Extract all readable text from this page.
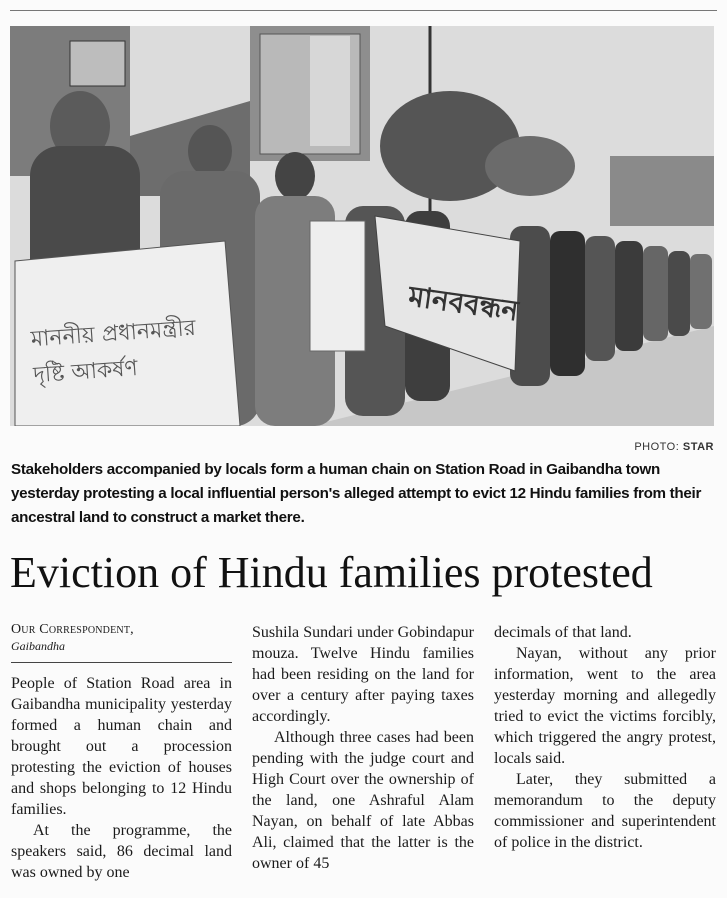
মানববন্ধন
মাননীয় প্রধানমন্ত্রীর দৃষ্টি আকর্ষণ
PHOTO: STAR
Stakeholders accompanied by locals form a human chain on Station Road in Gaibandha town yesterday protesting a local influential person's alleged attempt to evict 12 Hindu families from their ancestral land to construct a market there.
Eviction of Hindu families protested

Our Correspondent,

Gaibandha

People of Station Road area in Gaibandha municipality yesterday formed a human chain and brought out a procession protesting the eviction of houses and shops belonging to 12 Hindu families.

At the programme, the speakers said, 86 decimal land was owned by one

Sushila Sundari under Gobindapur mouza. Twelve Hindu families had been residing on the land for over a century after paying taxes accordingly.

Although three cases had been pending with the judge court and High Court over the ownership of the land, one Ashraful Alam Nayan, on behalf of late Abbas Ali, claimed that the latter is the owner of 45

decimals of that land.

Nayan, without any prior information, went to the area yesterday morning and allegedly tried to evict the victims forcibly, which triggered the angry protest, locals said.

Later, they submitted a memorandum to the deputy commissioner and superintendent of police in the district.
